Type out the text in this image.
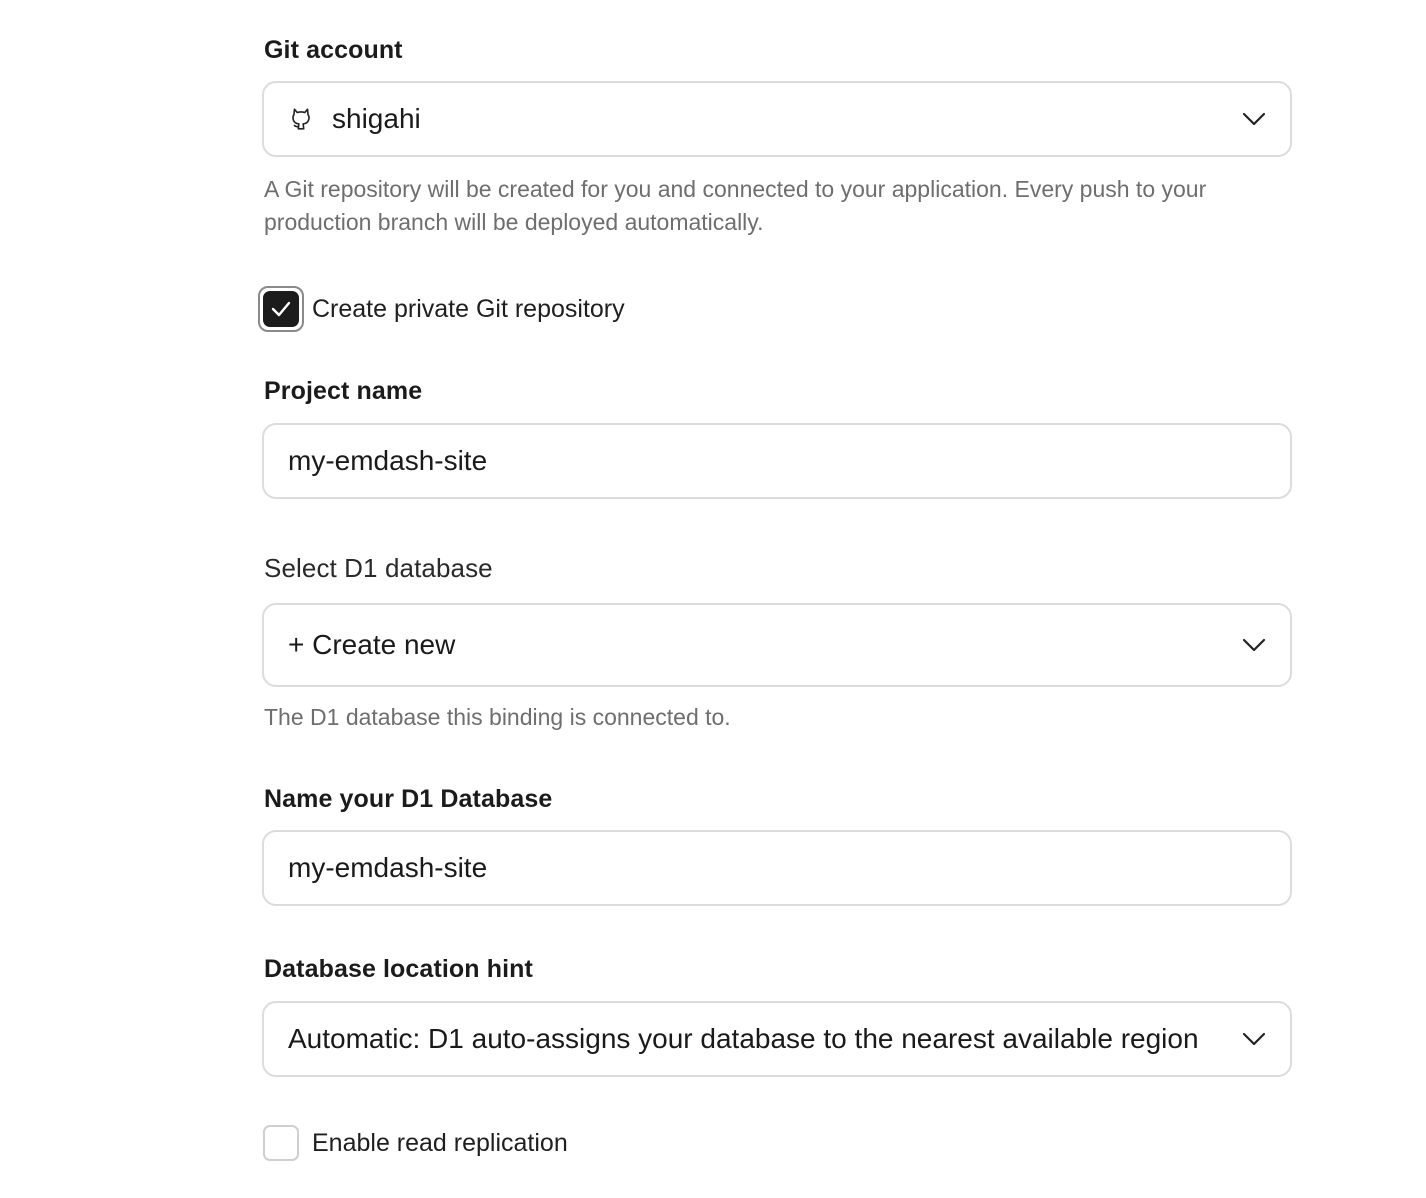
Git account
shigahi
A Git repository will be created for you and connected to your application. Every push to your production branch will be deployed automatically.
Create private Git repository
Project name
my-emdash-site
Select D1 database
+ Create new
The D1 database this binding is connected to.
Name your D1 Database
my-emdash-site
Database location hint
Automatic: D1 auto-assigns your database to the nearest available region
Enable read replication
